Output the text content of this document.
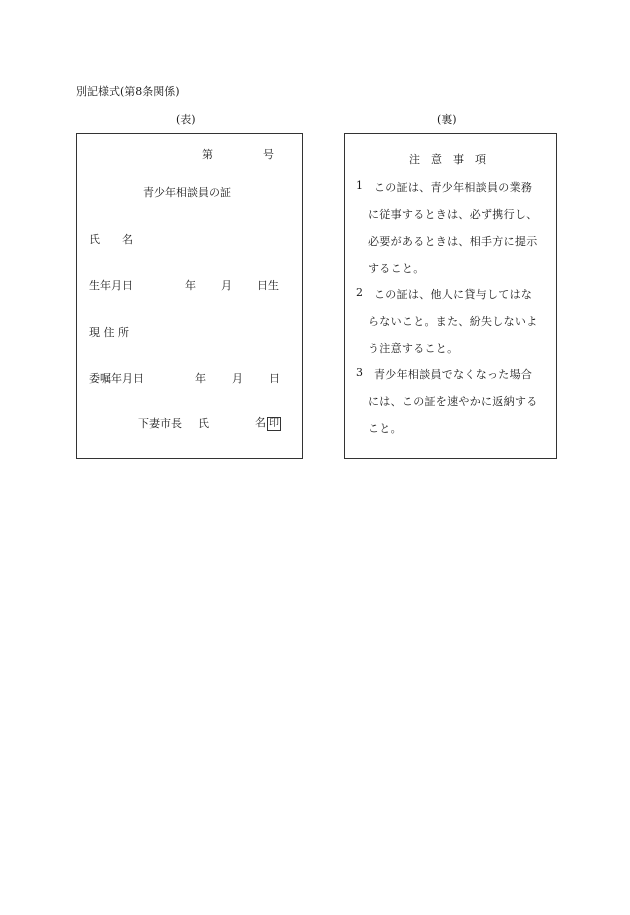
別記様式(第8条関係)
(表)	(裏)
第	号
青少年相談員の証
氏　　名
生年月日	年 月 日生
現 住 所
委嘱年月日	年 月 日
下妻市長 氏	名 印
注　意　事　項
1 この証は、青少年相談員の業務
に従事するときは、必ず携行し、
必要があるときは、相手方に提示
すること。
2 この証は、他人に貸与してはな
らないこと。また、紛失しないよ
う注意すること。
3 青少年相談員でなくなった場合
には、この証を速やかに返納する
こと。
